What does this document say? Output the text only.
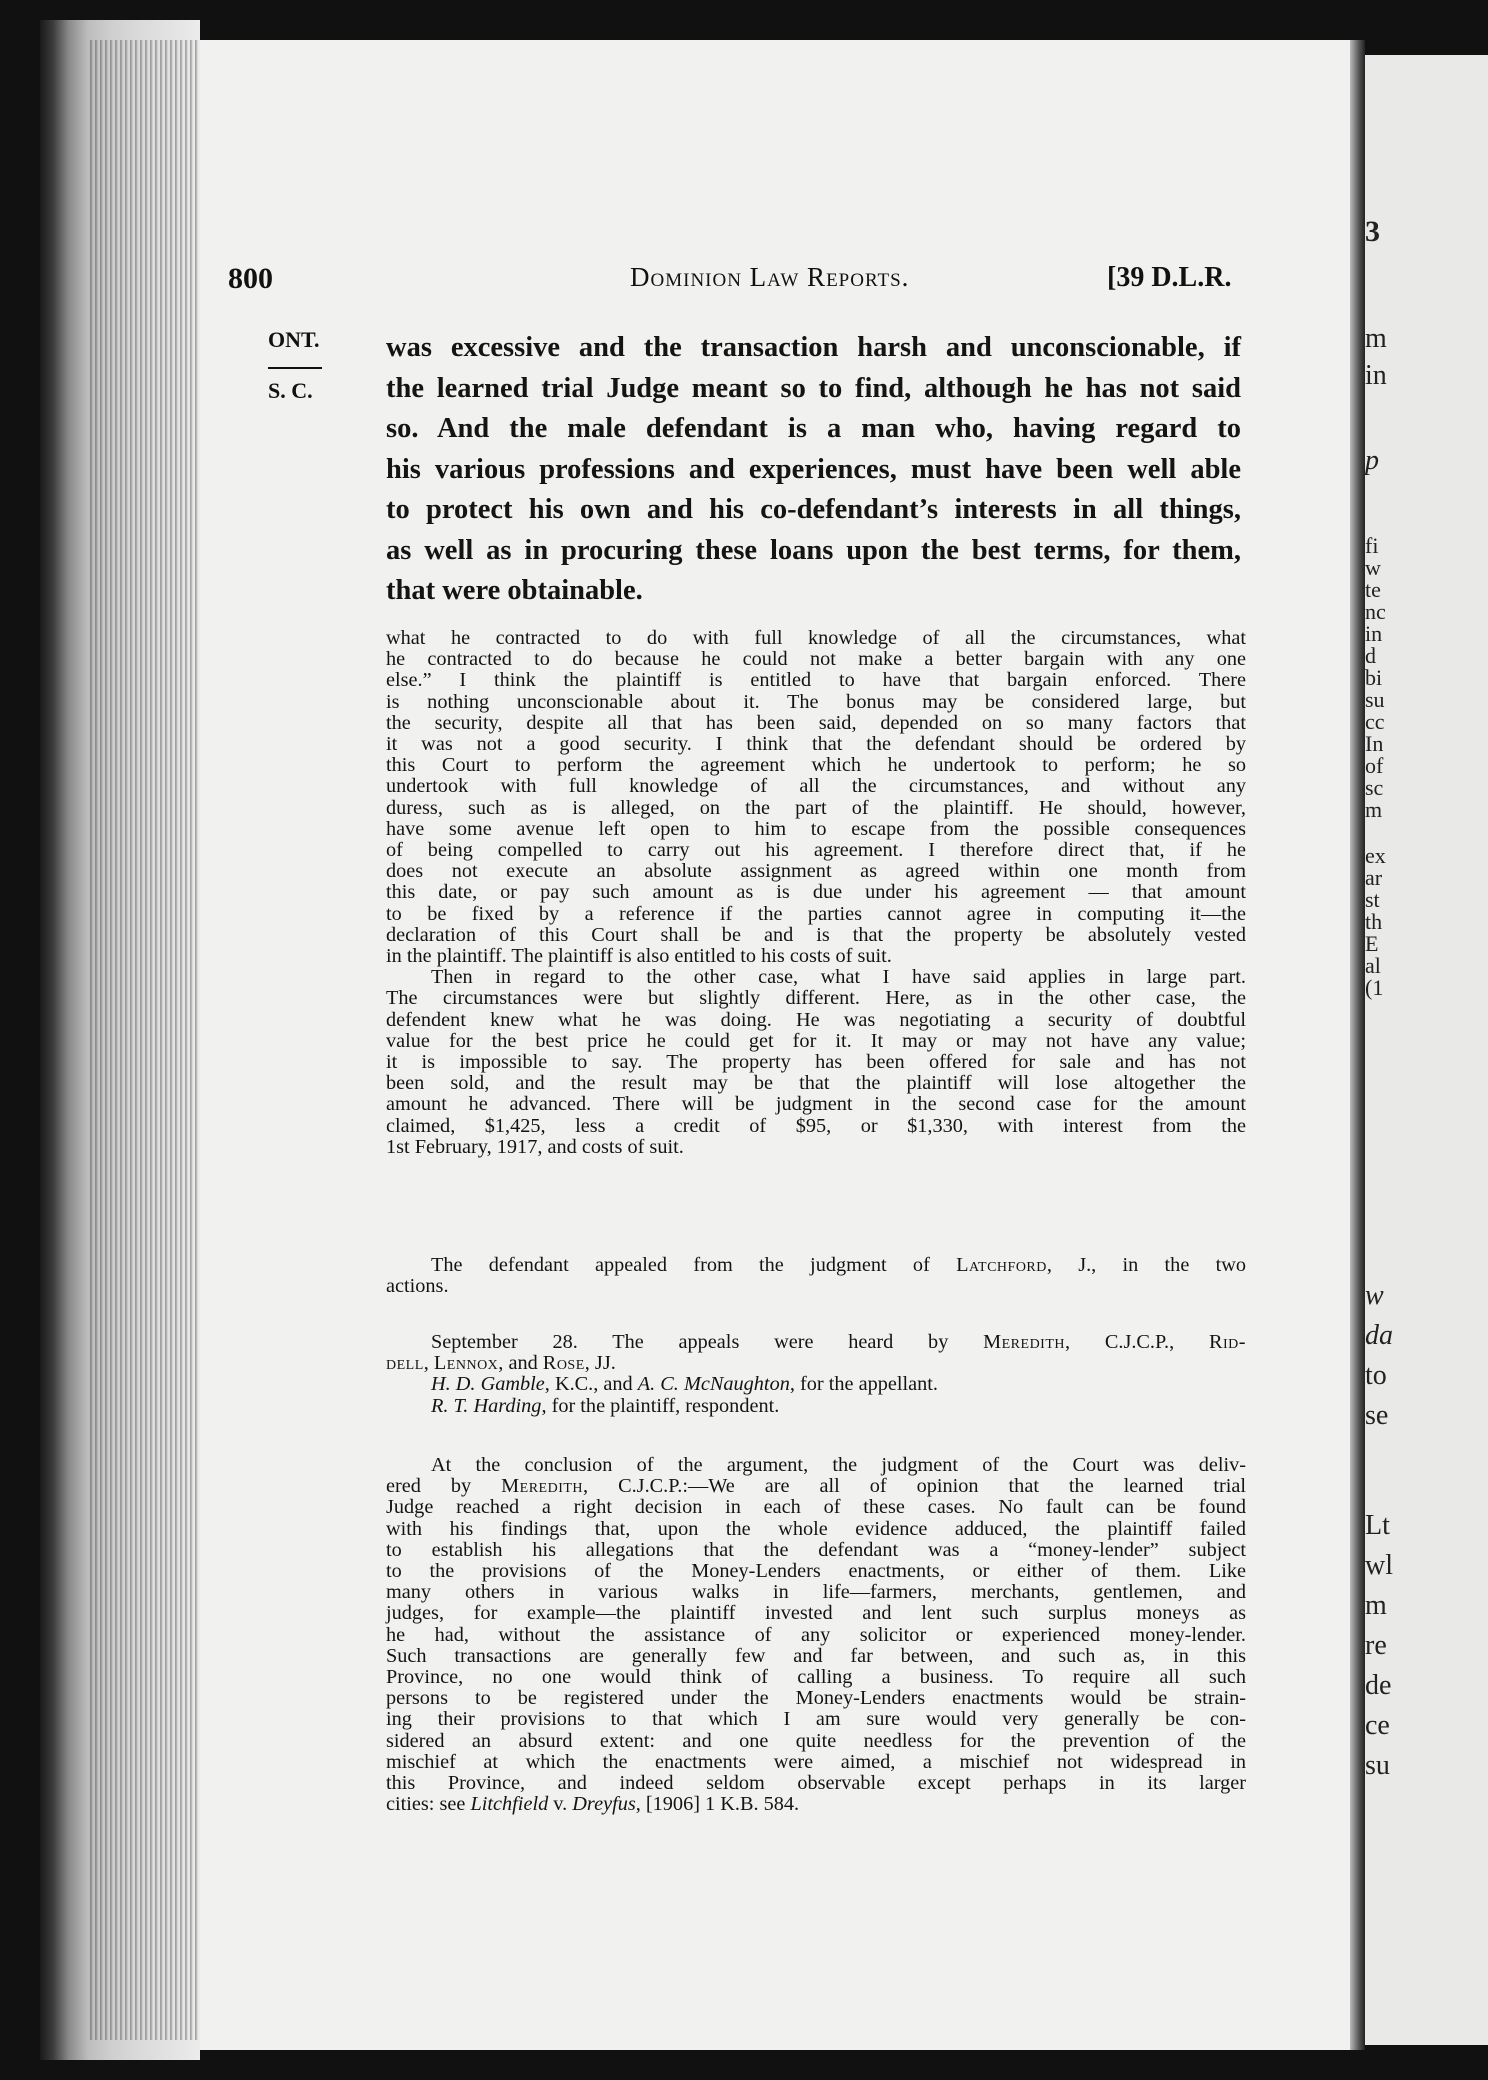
3
m
in
p
fi
w
te
nc
in
d
bi
su
cc
In
of
sc
m
ex
ar
st
th
E
al
(1
w
da
to
se
Lt
wl
m
re
de
ce
su
800	Dominion Law Reports.	[39 D.L.R.
ONT.
S. C.
was excessive and the transaction harsh and unconscionable, if
the learned trial Judge meant so to find, although he has not said
so. And the male defendant is a man who, having regard to
his various professions and experiences, must have been well able
to protect his own and his co-defendant’s interests in all things,
as well as in procuring these loans upon the best terms, for them,
that were obtainable.
what he contracted to do with full knowledge of all the circumstances, what
he contracted to do because he could not make a better bargain with any one
else.” I think the plaintiff is entitled to have that bargain enforced. There
is nothing unconscionable about it. The bonus may be considered large, but
the security, despite all that has been said, depended on so many factors that
it was not a good security. I think that the defendant should be ordered by
this Court to perform the agreement which he undertook to perform; he so
undertook with full knowledge of all the circumstances, and without any
duress, such as is alleged, on the part of the plaintiff. He should, however,
have some avenue left open to him to escape from the possible consequences
of being compelled to carry out his agreement. I therefore direct that, if he
does not execute an absolute assignment as agreed within one month from
this date, or pay such amount as is due under his agreement — that amount
to be fixed by a reference if the parties cannot agree in computing it—the
declaration of this Court shall be and is that the property be absolutely vested
in the plaintiff. The plaintiff is also entitled to his costs of suit.
Then in regard to the other case, what I have said applies in large part.
The circumstances were but slightly different. Here, as in the other case, the
defendent knew what he was doing. He was negotiating a security of doubtful
value for the best price he could get for it. It may or may not have any value;
it is impossible to say. The property has been offered for sale and has not
been sold, and the result may be that the plaintiff will lose altogether the
amount he advanced. There will be judgment in the second case for the amount
claimed, $1,425, less a credit of $95, or $1,330, with interest from the
1st February, 1917, and costs of suit.
The defendant appealed from the judgment of Latchford, J., in the two
actions.
September 28. The appeals were heard by Meredith, C.J.C.P., Rid-
dell, Lennox, and Rose, JJ.
H. D. Gamble, K.C., and A. C. McNaughton, for the appellant.
R. T. Harding, for the plaintiff, respondent.
At the conclusion of the argument, the judgment of the Court was deliv-
ered by Meredith, C.J.C.P.:—We are all of opinion that the learned trial
Judge reached a right decision in each of these cases. No fault can be found
with his findings that, upon the whole evidence adduced, the plaintiff failed
to establish his allegations that the defendant was a “money-lender” subject
to the provisions of the Money-Lenders enactments, or either of them. Like
many others in various walks in life—farmers, merchants, gentlemen, and
judges, for example—the plaintiff invested and lent such surplus moneys as
he had, without the assistance of any solicitor or experienced money-lender.
Such transactions are generally few and far between, and such as, in this
Province, no one would think of calling a business. To require all such
persons to be registered under the Money-Lenders enactments would be strain-
ing their provisions to that which I am sure would very generally be con-
sidered an absurd extent: and one quite needless for the prevention of the
mischief at which the enactments were aimed, a mischief not widespread in
this Province, and indeed seldom observable except perhaps in its larger
cities: see Litchfield v. Dreyfus, [1906] 1 K.B. 584.
